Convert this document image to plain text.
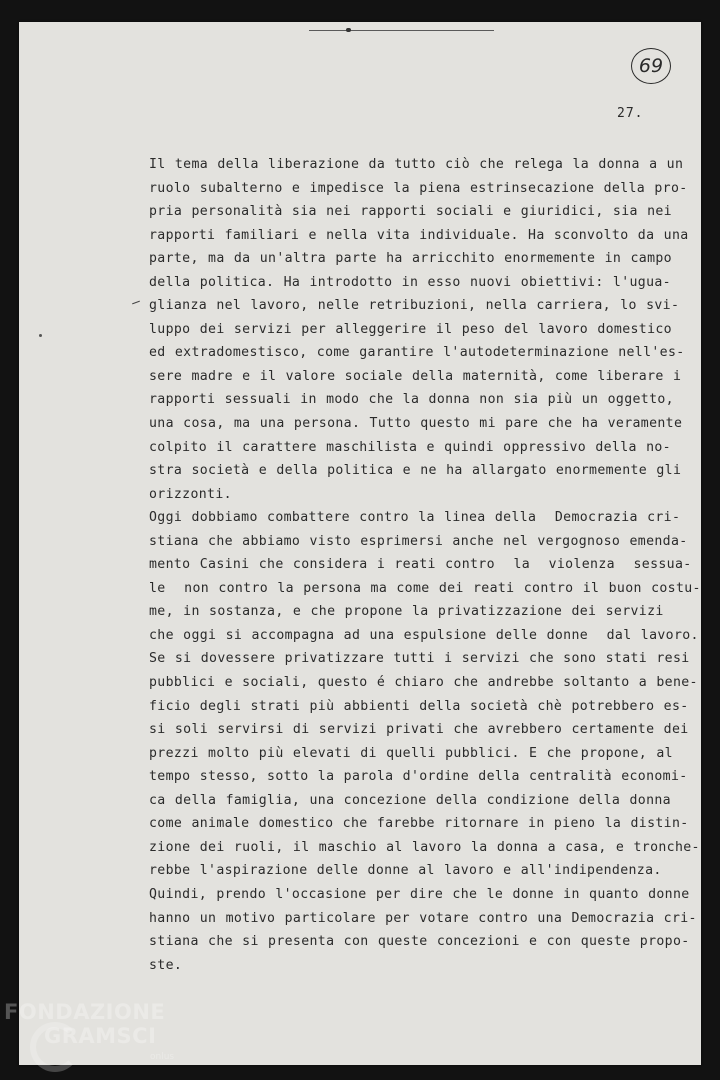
69
27.
Il tema della liberazione da tutto ciò che relega la donna a un
ruolo subalterno e impedisce la piena estrinsecazione della pro-
pria personalità sia nei rapporti sociali e giuridici, sia nei
rapporti familiari e nella vita individuale. Ha sconvolto da una
parte, ma da un'altra parte ha arricchito enormemente in campo
della politica. Ha introdotto in esso nuovi obiettivi: l'ugua-
glianza nel lavoro, nelle retribuzioni, nella carriera, lo svi-
luppo dei servizi per alleggerire il peso del lavoro domestico
ed extradomestisco, come garantire l'autodeterminazione nell'es-
sere madre e il valore sociale della maternità, come liberare i
rapporti sessuali in modo che la donna non sia più un oggetto,
una cosa, ma una persona. Tutto questo mi pare che ha veramente
colpito il carattere maschilista e quindi oppressivo della no-
stra società e della politica e ne ha allargato enormemente gli
orizzonti.
Oggi dobbiamo combattere contro la linea della  Democrazia cri-
stiana che abbiamo visto esprimersi anche nel vergognoso emenda-
mento Casini che considera i reati contro  la  violenza  sessua-
le  non contro la persona ma come dei reati contro il buon costu-
me, in sostanza, e che propone la privatizzazione dei servizi
che oggi si accompagna ad una espulsione delle donne  dal lavoro.
Se si dovessere privatizzare tutti i servizi che sono stati resi
pubblici e sociali, questo é chiaro che andrebbe soltanto a bene-
ficio degli strati più abbienti della società chè potrebbero es-
si soli servirsi di servizi privati che avrebbero certamente dei
prezzi molto più elevati di quelli pubblici. E che propone, al
tempo stesso, sotto la parola d'ordine della centralità economi-
ca della famiglia, una concezione della condizione della donna
come animale domestico che farebbe ritornare in pieno la distin-
zione dei ruoli, il maschio al lavoro la donna a casa, e tronche-
rebbe l'aspirazione delle donne al lavoro e all'indipendenza.
Quindi, prendo l'occasione per dire che le donne in quanto donne
hanno un motivo particolare per votare contro una Democrazia cri-
stiana che si presenta con queste concezioni e con queste propo-
ste.
FONDAZIONE
GRAMSCI
onlus
